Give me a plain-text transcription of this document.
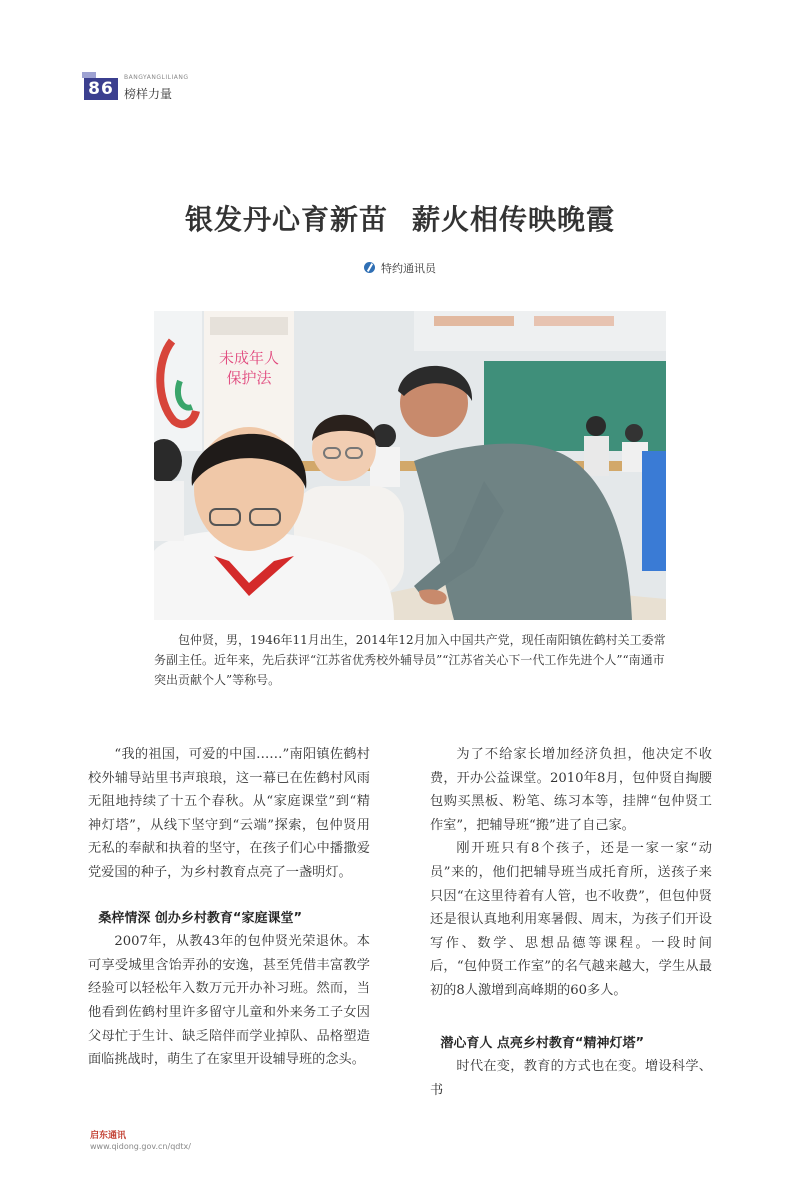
86
BANGYANGLILIANG
榜样力量
银发丹心育新苗 薪火相传映晚霞
特约通讯员
未成年人
保护法
包仲贤，男，1946年11月出生，2014年12月加入中国共产党，现任南阳镇佐鹤村关工委常务副主任。近年来，先后获评“江苏省优秀校外辅导员”“江苏省关心下一代工作先进个人”“南通市突出贡献个人”等称号。

“我的祖国，可爱的中国……”南阳镇佐鹤村校外辅导站里书声琅琅，这一幕已在佐鹤村风雨无阻地持续了十五个春秋。从“家庭课堂”到“精神灯塔”，从线下坚守到“云端”探索，包仲贤用无私的奉献和执着的坚守，在孩子们心中播撒爱党爱国的种子，为乡村教育点亮了一盏明灯。

桑梓情深 创办乡村教育“家庭课堂”

2007年，从教43年的包仲贤光荣退休。本可享受城里含饴弄孙的安逸，甚至凭借丰富教学经验可以轻松年入数万元开办补习班。然而，当他看到佐鹤村里许多留守儿童和外来务工子女因父母忙于生计、缺乏陪伴而学业掉队、品格塑造面临挑战时，萌生了在家里开设辅导班的念头。

为了不给家长增加经济负担，他决定不收费，开办公益课堂。2010年8月，包仲贤自掏腰包购买黑板、粉笔、练习本等，挂牌“包仲贤工作室”，把辅导班“搬”进了自己家。

刚开班只有8个孩子，还是一家一家“动员”来的，他们把辅导班当成托育所，送孩子来只因“在这里待着有人管，也不收费”，但包仲贤还是很认真地利用寒暑假、周末，为孩子们开设写作、数学、思想品德等课程。一段时间后，“包仲贤工作室”的名气越来越大，学生从最初的8人激增到高峰期的60多人。

潜心育人 点亮乡村教育“精神灯塔”

时代在变，教育的方式也在变。增设科学、书

启东通讯
www.qidong.gov.cn/qdtx/
